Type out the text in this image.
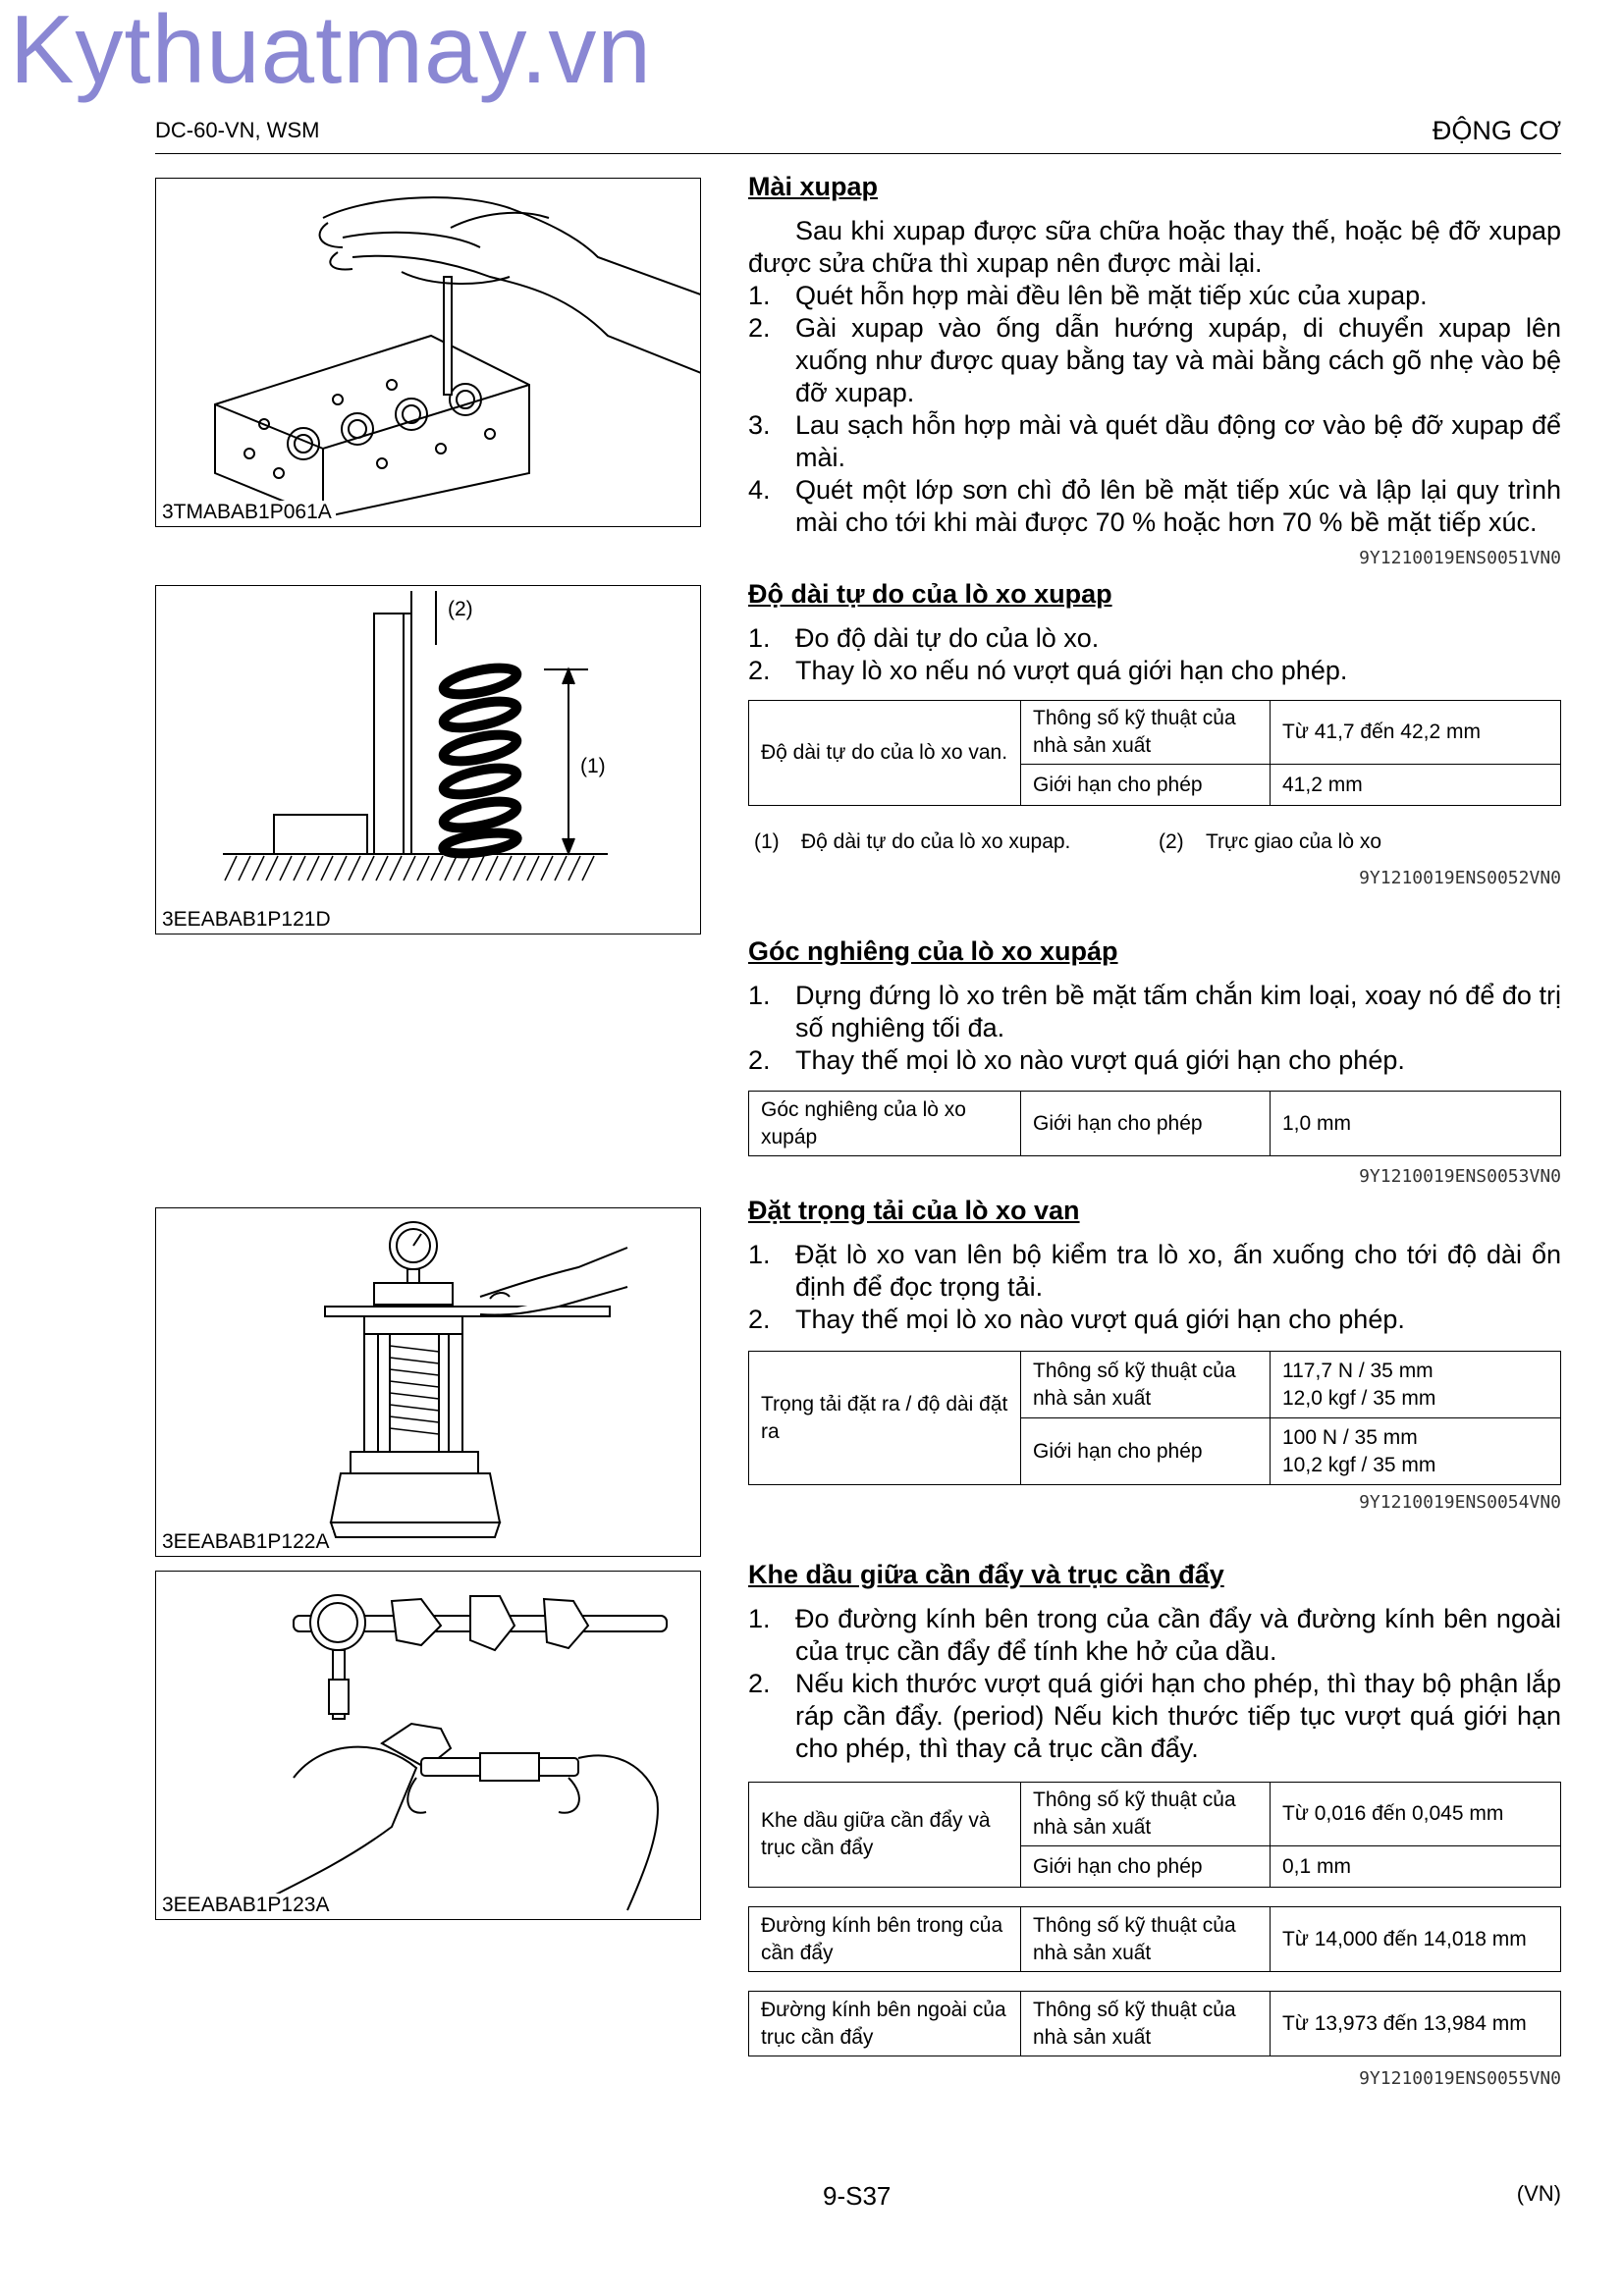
Kythuatmay.vn
DC-60-VN, WSM	ĐỘNG CƠ
3TMABAB1P061A
(2)
(1)
3EEABAB1P121D
3EEABAB1P122A
3EEABAB1P123A
Mài xupap
Sau khi xupap được sữa chữa hoặc thay thế, hoặc bệ đỡ xupap được sửa chữa thì xupap nên được mài lại.
1. Quét hỗn hợp mài đều lên bề mặt tiếp xúc của xupap.
2. Gài xupap vào ống dẫn hướng xupáp, di chuyển xupap lên xuống như được quay bằng tay và mài bằng cách gõ nhẹ vào bệ đỡ xupap.
3. Lau sạch hỗn hợp mài và quét dầu động cơ vào bệ đỡ xupap để mài.
4. Quét một lớp sơn chì đỏ lên bề mặt tiếp xúc và lập lại quy trình mài cho tới khi mài được 70 % hoặc hơn 70 % bề mặt tiếp xúc.
9Y1210019ENS0051VN0
Độ dài tự do của lò xo xupap
1. Đo độ dài tự do của lò xo.
2. Thay lò xo nếu nó vượt quá giới hạn cho phép.
Độ dài tự do của lò xo van.	Thông số kỹ thuật của nhà sản xuất	Từ 41,7 đến 42,2 mm
	Giới hạn cho phép	41,2 mm
(1) Độ dài tự do của lò xo xupap.	(2) Trực giao của lò xo
9Y1210019ENS0052VN0
Góc nghiêng của lò xo xupáp
1. Dựng đứng lò xo trên bề mặt tấm chắn kim loại, xoay nó để đo trị số nghiêng tối đa.
2. Thay thế mọi lò xo nào vượt quá giới hạn cho phép.
Góc nghiêng của lò xo xupáp	Giới hạn cho phép	1,0 mm
9Y1210019ENS0053VN0
Đặt trọng tải của lò xo van
1. Đặt lò xo van lên bộ kiểm tra lò xo, ấn xuống cho tới độ dài ổn định để đọc trọng tải.
2. Thay thế mọi lò xo nào vượt quá giới hạn cho phép.
Trọng tải đặt ra / độ dài đặt ra	Thông số kỹ thuật của nhà sản xuất	117,7 N / 35 mm
12,0 kgf / 35 mm

	Giới hạn cho phép	100 N / 35 mm
10,2 kgf / 35 mm
9Y1210019ENS0054VN0
Khe dầu giữa cần đẩy và trục cần đẩy
1. Đo đường kính bên trong của cần đẩy và đường kính bên ngoài của trục cần đẩy để tính khe hở của dầu.
2. Nếu kich thước vượt quá giới hạn cho phép, thì thay bộ phận lắp ráp cần đẩy. (period) Nếu kich thước tiếp tục vượt quá giới hạn cho phép, thì thay cả trục cần đẩy.
Khe dầu giữa cần đẩy và trục cần đẩy	Thông số kỹ thuật của nhà sản xuất	Từ 0,016 đến 0,045 mm
	Giới hạn cho phép	0,1 mm
Đường kính bên trong của cần đẩy	Thông số kỹ thuật của nhà sản xuất	Từ 14,000 đến 14,018 mm
Đường kính bên ngoài của trục cần đẩy	Thông số kỹ thuật của nhà sản xuất	Từ 13,973 đến 13,984 mm
9Y1210019ENS0055VN0
9-S37	(VN)
